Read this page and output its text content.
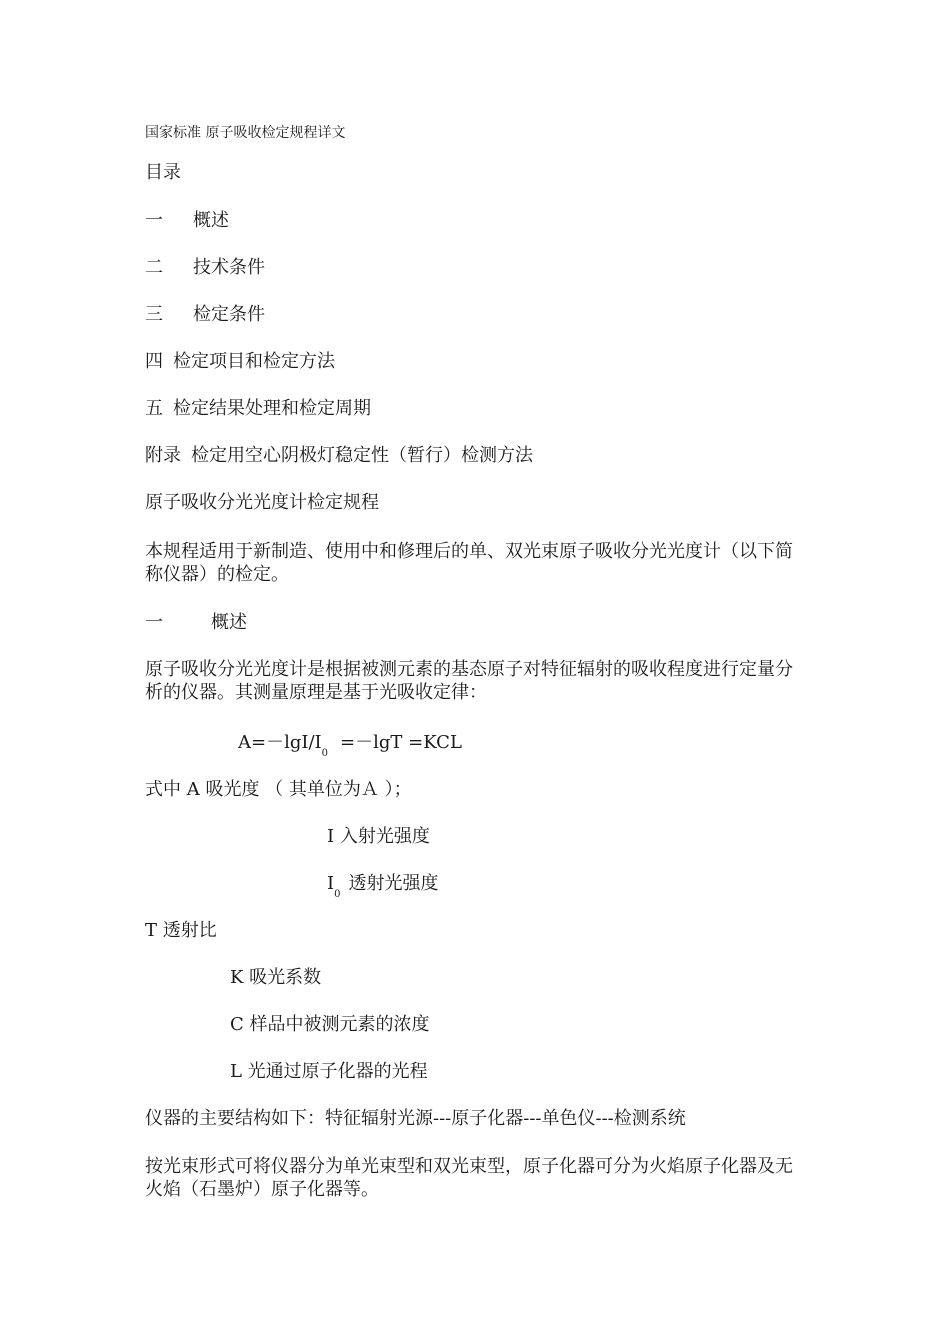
国家标准 原子吸收检定规程详文
目录
一 概述
二 技术条件
三 检定条件
四 检定项目和检定方法
五 检定结果处理和检定周期
附录 检定用空心阴极灯稳定性（暂行）检测方法
原子吸收分光光度计检定规程
本规程适用于新制造、使用中和修理后的单、双光束原子吸收分光光度计（以下简称仪器）的检定。
一	概述
原子吸收分光光度计是根据被测元素的基态原子对特征辐射的吸收程度进行定量分析的仪器。其测量原理是基于光吸收定律：
$A=-\lg I/I_0=-\lg T =KCL$
式中 A 吸光度 （ 其单位为Ａ ）；
I 入射光强度
$I_0$透射光强度
T 透射比
K 吸光系数
C 样品中被测元素的浓度
L 光通过原子化器的光程
仪器的主要结构如下：特征辐射光源---原子化器---单色仪---检测系统
按光束形式可将仪器分为单光束型和双光束型，原子化器可分为火焰原子化器及无火焰（石墨炉）原子化器等。
